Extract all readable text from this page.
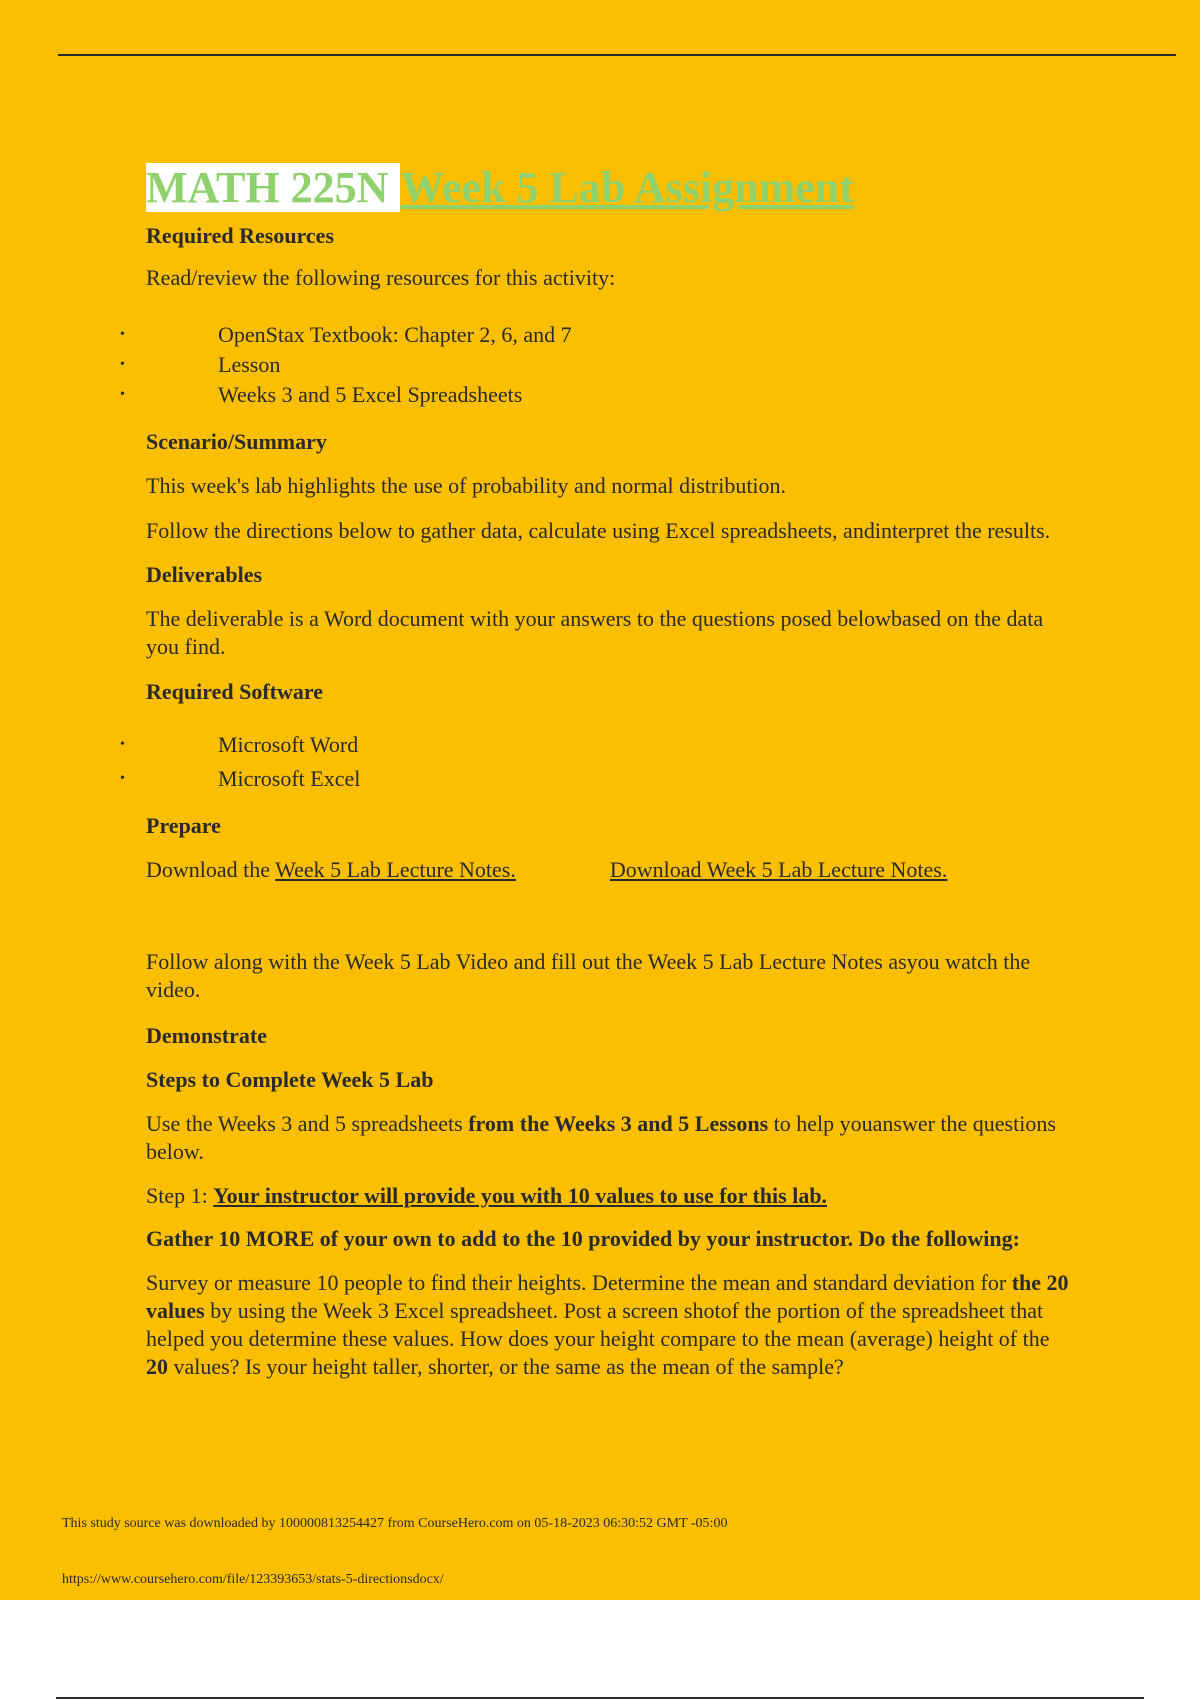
MATH 225N Week 5 Lab Assignment
Required Resources

Read/review the following resources for this activity:

•	OpenStax Textbook: Chapter 2, 6, and 7
•	Lesson
•	Weeks 3 and 5 Excel Spreadsheets
Scenario/Summary

This week's lab highlights the use of probability and normal distribution.

Follow the directions below to gather data, calculate using Excel spreadsheets, andinterpret the results.

Deliverables

The deliverable is a Word document with your answers to the questions posed belowbased on the data you find.

Required Software
•	Microsoft Word
•	Microsoft Excel
Prepare

Download the Week 5 Lab Lecture Notes.	Download Week 5 Lab Lecture Notes.

Follow along with the Week 5 Lab Video and fill out the Week 5 Lab Lecture Notes asyou watch the video.

Demonstrate
Steps to Complete Week 5 Lab

Use the Weeks 3 and 5 spreadsheets from the Weeks 3 and 5 Lessons to help youanswer the questions below.

Step 1: Your instructor will provide you with 10 values to use for this lab.

Gather 10 MORE of your own to add to the 10 provided by your instructor. Do the following:

Survey or measure 10 people to find their heights. Determine the mean and standard deviation for the 20 values by using the Week 3 Excel spreadsheet. Post a screen shotof the portion of the spreadsheet that helped you determine these values. How does your height compare to the mean (average) height of the 20 values? Is your height taller, shorter, or the same as the mean of the sample?

This study source was downloaded by 100000813254427 from CourseHero.com on 05-18-2023 06:30:52 GMT -05:00
https://www.coursehero.com/file/123393653/stats-5-directionsdocx/
